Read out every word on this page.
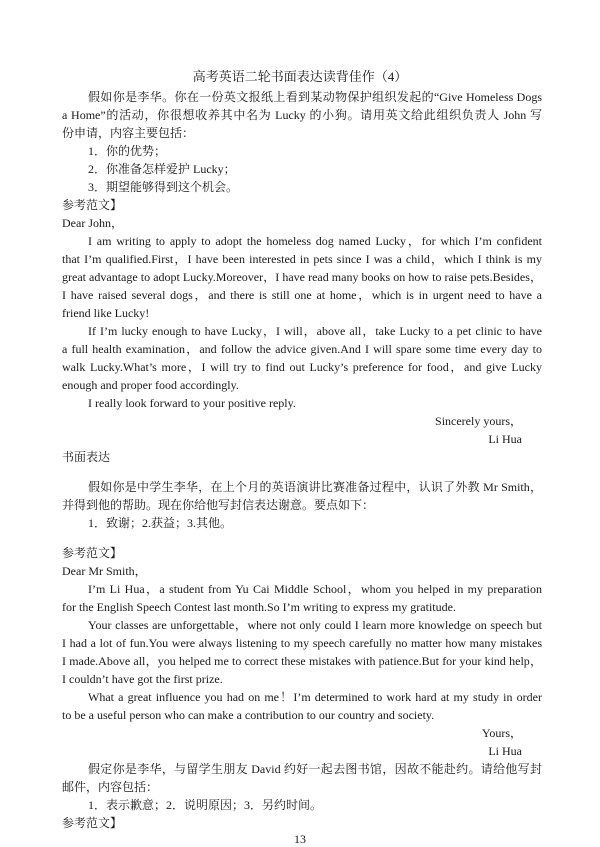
高考英语二轮书面表达读背佳作（4）
假如你是李华。你在一份英文报纸上看到某动物保护组织发起的“Give Homeless Dogs
a Home”的活动，你很想收养其中名为 Lucky 的小狗。请用英文给此组织负责人 John 写
份申请，内容主要包括：
1．你的优势；
2．你准备怎样爱护 Lucky；
3．期望能够得到这个机会。
参考范文】
Dear John，
I am writing to apply to adopt the homeless dog named Lucky，for which I’m confident
that I’m qualified.First，I have been interested in pets since I was a child，which I think is my
great advantage to adopt Lucky.Moreover，I have read many books on how to raise pets.Besides，
I have raised several dogs，and there is still one at home，which is in urgent need to have a
friend like Lucky!
If I’m lucky enough to have Lucky，I will，above all，take Lucky to a pet clinic to have
a full health examination，and follow the advice given.And I will spare some time every day to
walk Lucky.What’s more，I will try to find out Lucky’s preference for food，and give Lucky
enough and proper food accordingly.
I really look forward to your positive reply.
Sincerely yours，
Li Hua
书面表达
假如你是中学生李华，在上个月的英语演讲比赛准备过程中，认识了外教 Mr Smith，
并得到他的帮助。现在你给他写封信表达谢意。要点如下：
1．致谢；2.获益；3.其他。
参考范文】
Dear Mr Smith，
I’m Li Hua，a student from Yu Cai Middle School，whom you helped in my preparation
for the English Speech Contest last month.So I’m writing to express my gratitude.
Your classes are unforgettable，where not only could I learn more knowledge on speech but
I had a lot of fun.You were always listening to my speech carefully no matter how many mistakes
I made.Above all，you helped me to correct these mistakes with patience.But for your kind help，
I couldn’t have got the first prize.
What a great influence you had on me！I’m determined to work hard at my study in order
to be a useful person who can make a contribution to our country and society.
Yours，
Li Hua
假定你是李华，与留学生朋友 David 约好一起去图书馆，因故不能赴约。请给他写封
邮件，内容包括：
1．表示歉意；2．说明原因；3．另约时间。
参考范文】
13
